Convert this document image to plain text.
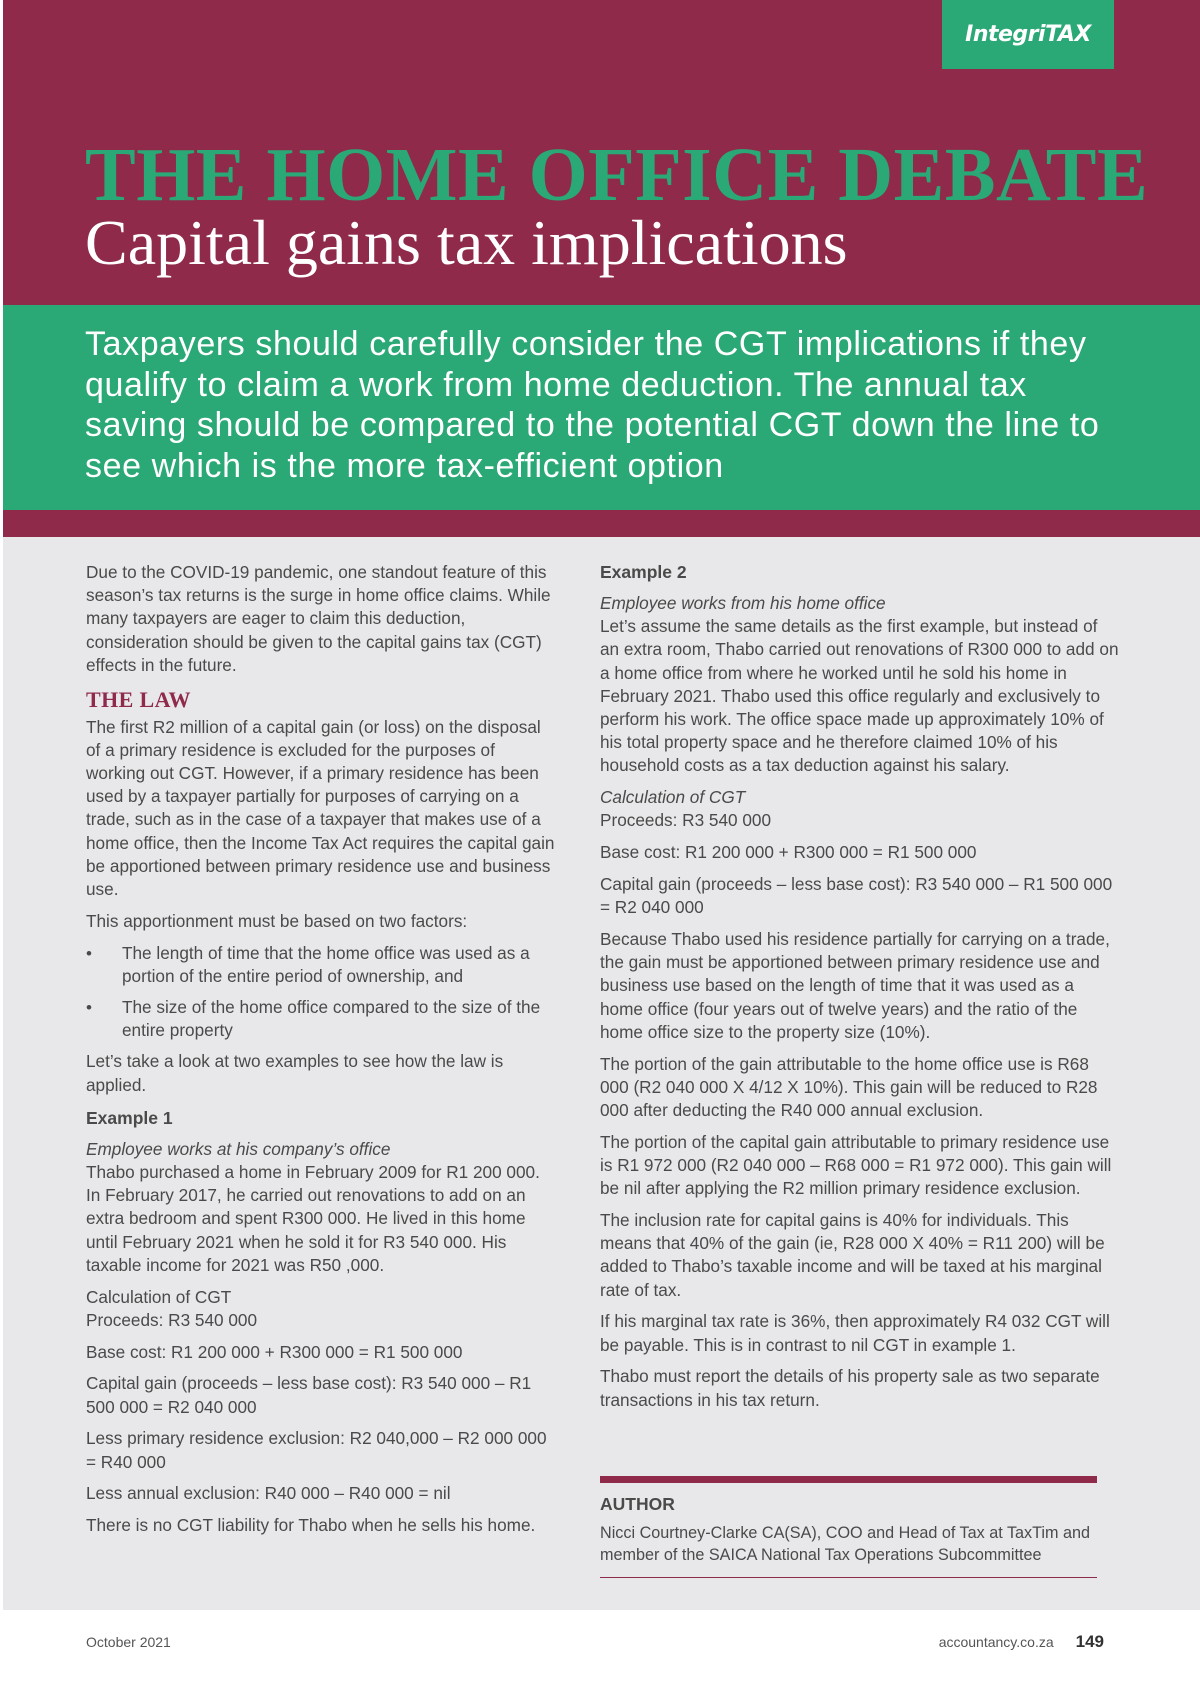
IntegriTAX
THE HOME OFFICE DEBATE
Capital gains tax implications

Taxpayers should carefully consider the CGT implications if they qualify to claim a work from home deduction. The annual tax saving should be compared to the potential CGT down the line to see which is the more tax-efficient option

Due to the COVID-19 pandemic, one standout feature of this season’s tax returns is the surge in home office claims. While many taxpayers are eager to claim this deduction, consideration should be given to the capital gains tax (CGT) effects in the future.

THE LAW

The first R2 million of a capital gain (or loss) on the disposal of a primary residence is excluded for the purposes of working out CGT. However, if a primary residence has been used by a taxpayer partially for purposes of carrying on a trade, such as in the case of a taxpayer that makes use of a home office, then the Income Tax Act requires the capital gain be apportioned between primary residence use and business use.

This apportionment must be based on two factors:

• The length of time that the home office was used as a portion of the entire period of ownership, and
• The size of the home office compared to the size of the entire property

Let’s take a look at two examples to see how the law is applied.

Example 1

Employee works at his company’s office

Thabo purchased a home in February 2009 for R1 200 000. In February 2017, he carried out renovations to add on an extra bedroom and spent R300 000. He lived in this home until February 2021 when he sold it for R3 540 000. His taxable income for 2021 was R50 ,000.

Calculation of CGT

Proceeds: R3 540 000

Base cost: R1 200 000 + R300 000 = R1 500 000

Capital gain (proceeds – less base cost): R3 540 000 – R1 500 000 = R2 040 000

Less primary residence exclusion: R2 040,000 – R2 000 000 = R40 000

Less annual exclusion: R40 000 – R40 000 = nil

There is no CGT liability for Thabo when he sells his home.

Example 2

Employee works from his home office

Let’s assume the same details as the first example, but instead of an extra room, Thabo carried out renovations of R300 000 to add on a home office from where he worked until he sold his home in February 2021. Thabo used this office regularly and exclusively to perform his work. The office space made up approximately 10% of his total property space and he therefore claimed 10% of his household costs as a tax deduction against his salary.

Calculation of CGT

Proceeds: R3 540 000

Base cost: R1 200 000 + R300 000 = R1 500 000

Capital gain (proceeds – less base cost): R3 540 000 – R1 500 000 = R2 040 000

Because Thabo used his residence partially for carrying on a trade, the gain must be apportioned between primary residence use and business use based on the length of time that it was used as a home office (four years out of twelve years) and the ratio of the home office size to the property size (10%).

The portion of the gain attributable to the home office use is R68 000 (R2 040 000 X 4/12 X 10%). This gain will be reduced to R28 000 after deducting the R40 000 annual exclusion.

The portion of the capital gain attributable to primary residence use is R1 972 000 (R2 040 000 – R68 000 = R1 972 000). This gain will be nil after applying the R2 million primary residence exclusion.

The inclusion rate for capital gains is 40% for individuals. This means that 40% of the gain (ie, R28 000 X 40% = R11 200) will be added to Thabo’s taxable income and will be taxed at his marginal rate of tax.

If his marginal tax rate is 36%, then approximately R4 032 CGT will be payable. This is in contrast to nil CGT in example 1.

Thabo must report the details of his property sale as two separate transactions in his tax return.

AUTHOR

Nicci Courtney-Clarke CA(SA), COO and Head of Tax at TaxTim and member of the SAICA National Tax Operations Subcommittee

October 2021	accountancy.co.za 149
